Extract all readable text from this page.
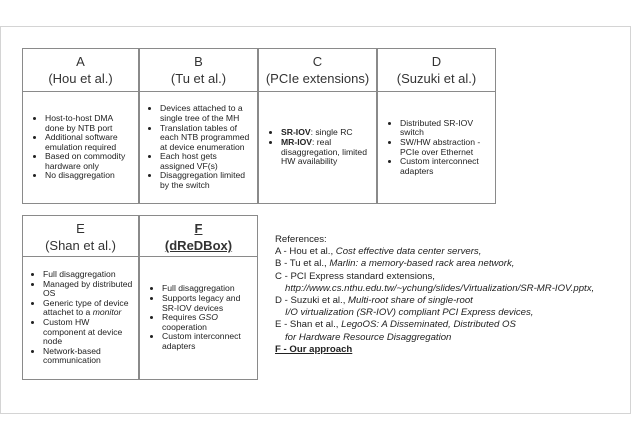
A
(Hou et al.)
• Host-to-host DMA done by NTB port
• Additional software emulation required
• Based on commodity hardware only
• No disaggregation
B
(Tu et al.)
• Devices attached to a single tree of the MH
• Translation tables of each NTB programmed at device enumeration
• Each host gets assigned VF(s)
• Disaggregation limited by the switch
C
(PCIe extensions)
• SR-IOV: single RC
• MR-IOV: real disaggregation, limited HW availability
D
(Suzuki et al.)
• Distributed SR-IOV switch
• SW/HW abstraction - PCIe over Ethernet
• Custom interconnect adapters
E
(Shan et al.)
• Full disaggregation
• Managed by distributed OS
• Generic type of device attachet to a monitor
• Custom HW component at device node
• Network-based communication
F
(dReDBox)
• Full disaggregation
• Supports legacy and SR-IOV devices
• Requires GSO cooperation
• Custom interconnect adapters
References:
A - Hou et al., Cost effective data center servers,
B - Tu et al., Marlin: a memory-based rack area network,
C - PCI Express standard extensions,
http://www.cs.nthu.edu.tw/~ychung/slides/Virtualization/SR-MR-IOV.pptx,
D - Suzuki et al., Multi-root share of single-root
I/O virtualization (SR-IOV) compliant PCI Express devices,
E - Shan et al., LegoOS: A Disseminated, Distributed OS
for Hardware Resource Disaggregation
F - Our approach
